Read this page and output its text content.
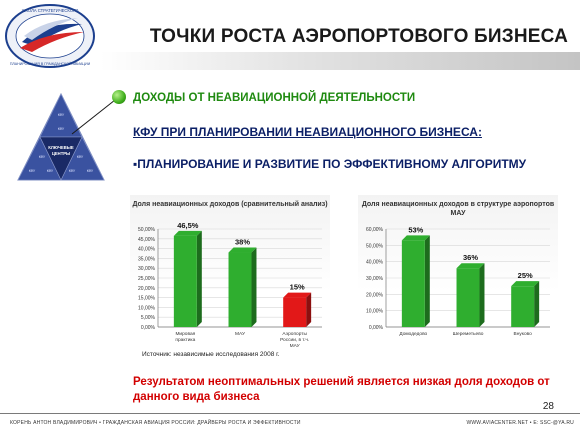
ШКОЛА СТРАТЕГИЧЕСКОГО
ПЛАНИРОВАНИЯ В ГРАЖДАНСКОЙ АВИАЦИИ
ТОЧКИ РОСТА АЭРОПОРТОВОГО БИЗНЕСА
КЛЮЧЕВЫЕ
ЦЕНТРЫ
КФУ
КФУ
КФУ
КФУ	КФУ
КФУ
КФУ	КФУ
ДОХОДЫ ОТ НЕАВИАЦИОННОЙ ДЕЯТЕЛЬНОСТИ
КФУ ПРИ ПЛАНИРОВАНИИ НЕАВИАЦИОННОГО БИЗНЕСА:
▪ПЛАНИРОВАНИЕ И РАЗВИТИЕ ПО ЭФФЕКТИВНОМУ АЛГОРИТМУ
Доля неавиационных доходов (сравнительный анализ)
0,00%
5,00%
10,00%
15,00%
20,00%
25,00%
30,00%
35,00%
40,00%
45,00%
50,00%
46,5%
Мировая
практика
38%
МАУ
15%
Аэропорты
России, в т.ч.
МАУ
Доля неавиационных доходов в структуре аэропортов МАУ
0,00%
10,00%
20,00%
30,00%
40,00%
50,00%
60,00%	53%
Домодедово
36%
Шереметьево
25%
Внуково
Источник: независимые исследования 2008 г.
Результатом неоптимальных решений является низкая доля доходов от данного вида бизнеса
28
КОРЕНЬ АНТОН ВЛАДИМИРОВИЧ • ГРАЖДАНСКАЯ АВИАЦИЯ РОССИИ: ДРАЙВЕРЫ РОСТА И ЭФФЕКТИВНОСТИ	WWW.AVIACENTER.NET • E: SSC-@YA.RU
